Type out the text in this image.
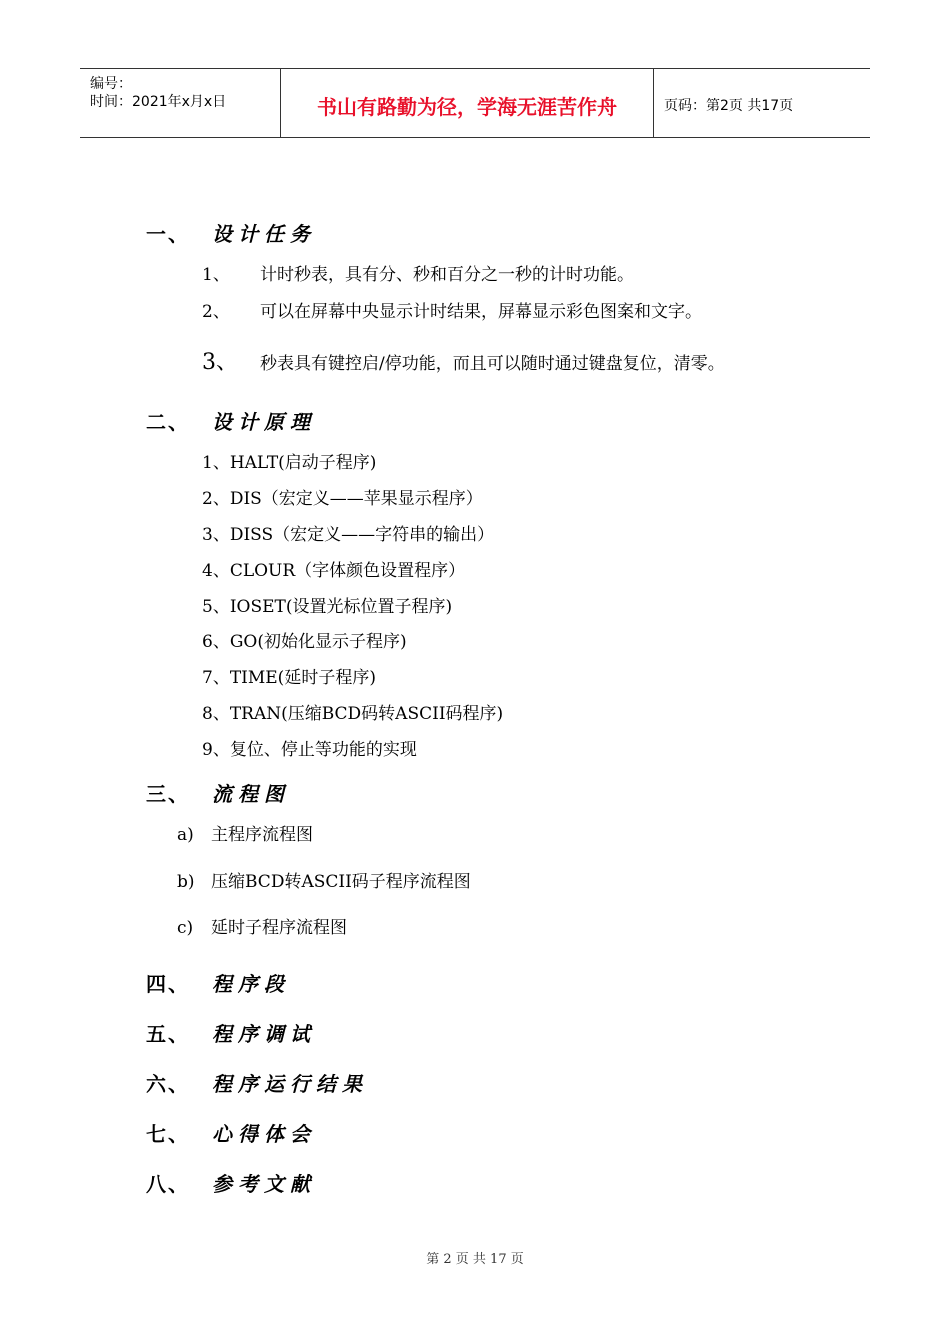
编号：
时间：2021年x月x日	书山有路勤为径，学海无涯苦作舟	页码：第2页 共17页
一、 设计任务
1、 计时秒表，具有分、秒和百分之一秒的计时功能。
2、 可以在屏幕中央显示计时结果，屏幕显示彩色图案和文字。
3、 秒表具有键控启/停功能，而且可以随时通过键盘复位，清零。
二、 设计原理
1、HALT(启动子程序)
2、DIS（宏定义——苹果显示程序）
3、DISS（宏定义——字符串的输出）
4、CLOUR（字体颜色设置程序）
5、IOSET(设置光标位置子程序)
6、GO(初始化显示子程序)
7、TIME(延时子程序)
8、TRAN(压缩BCD码转ASCII码程序)
9、复位、停止等功能的实现
三、 流程图
a) 主程序流程图
b) 压缩BCD转ASCII码子程序流程图
c) 延时子程序流程图
四、 程序段
五、 程序调试
六、 程序运行结果
七、 心得体会
八、 参考文献
第 2 页 共 17 页
